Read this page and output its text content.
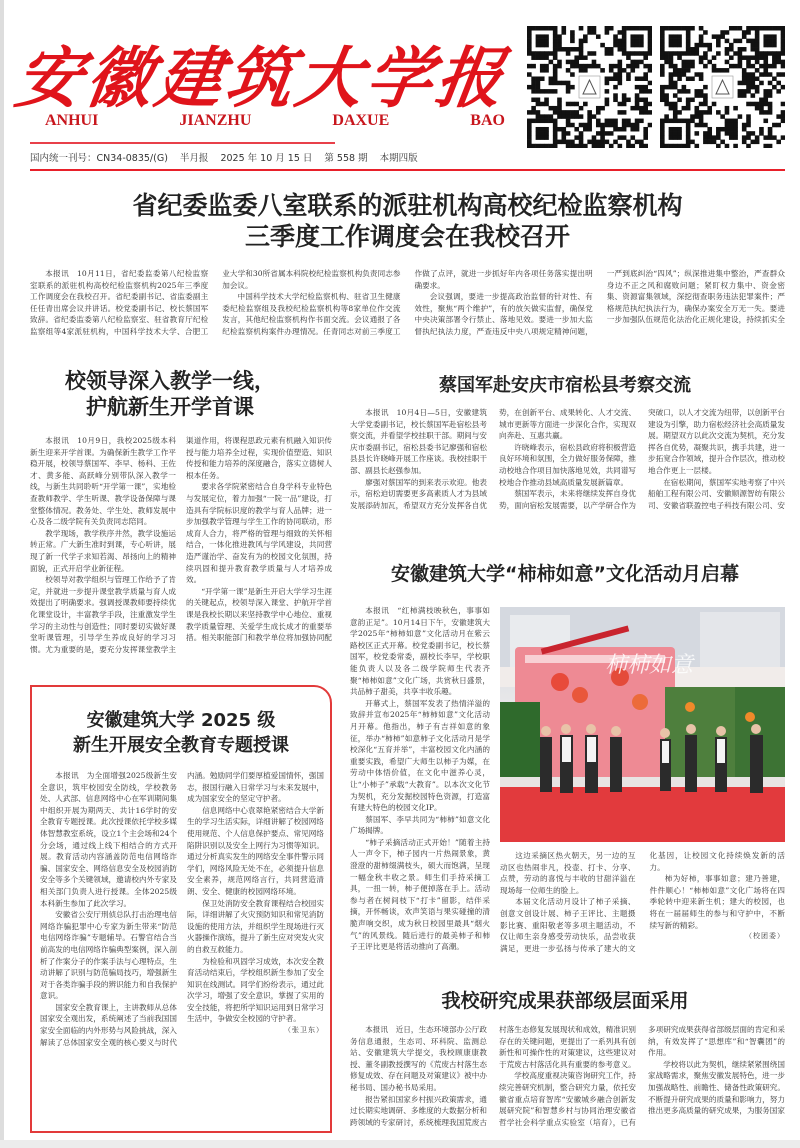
安徽建筑大学报
ANHUI	JIANZHU	DAXUE	BAO
国内统一刊号：CN34-0835/(G) 半月报 2025 年 10 月 15 日 第 558 期 本期四版
省纪委监委八室联系的派驻机构高校纪检监察机构
三季度工作调度会在我校召开

本报讯　10月11日，省纪委监委第八纪检监察室联系的派驻机构高校纪检监察机构2025年三季度工作调度会在我校召开。省纪委副书记、省监委副主任任青出席会议并讲话。校党委副书记、校长蔡国军致辞。省纪委监委第八纪检监察室、驻省教育厅纪检监察组等4家派驻机构，中国科学技术大学、合肥工业大学和30所省属本科院校纪检监察机构负责同志参加会议。

中国科学技术大学纪检监察机构、驻省卫生健康委纪检监察组及我校纪检监察机构等8家单位作交流发言，其他纪检监察机构作书面交流。会议通报了各纪检监察机构案件办理情况。任青同志对前三季度工作做了点评，就进一步抓好年内各项任务落实提出明确要求。

会议强调，要进一步提高政治监督的针对性、有效性，聚焦“两个维护”，有的放矢做实监督，确保党中央决策部署令行禁止、落地见效。要进一步加大监督执纪执法力度，严查违反中央八项规定精神问题，一严到底纠治“四风”；纵深推进集中整治，严查群众身边不正之风和腐败问题；紧盯权力集中、资金密集、资源富集领域，深挖彻查职务违法犯罪案件；严格规范执纪执法行为，确保办案安全万无一失。要进一步加强队伍规范化法治化正规化建设，持续抓实全

校领导深入教学一线，
护航新生开学首课

本报讯　10月9日，我校2025级本科新生迎来开学首课。为确保新生教学工作平稳开展，校领导蔡国军、李早、杨科、王佐才、黄多能、高跃峰分别带队深入教学一线，与新生共同聆听“开学第一课”，实地检查教师教学、学生听课、教学设备保障与课堂整体情况。教务处、学生处、教师发展中心及各二级学院有关负责同志陪同。

教学现场，教学秩序井然，教学设施运转正常。广大新生准时到课，专心听讲，展现了新一代学子求知若渴、昂扬向上的精神面貌，正式开启学业新征程。

校领导对教学组织与管理工作给予了肯定，并就进一步提升课堂教学质量与育人成效提出了明确要求。强调授课教师要持续优化课堂设计，丰富教学手段，注重激发学生学习的主动性与创造性；同时要切实做好课堂听课管理，引导学生养成良好的学习习惯。尤为重要的是，要充分发挥课堂教学主渠道作用，将课程思政元素有机融入知识传授与能力培养全过程，实现价值塑造、知识传授和能力培养的深度融合，落实立德树人根本任务。

要求各学院紧密结合自身学科专业特色与发展定位，着力加强“一院一品”建设，打造具有学院标识度的教学与育人品牌；进一步加强教学管理与学生工作的协同联动，形成育人合力，将严格的管理与细致的关怀相结合，一体化推进教风与学风建设，共同营造严谨治学、奋发有为的校园文化氛围，持续巩固和提升教育教学质量与人才培养成效。

“开学第一课”是新生开启大学学习生涯的关键起点，校领导深入课堂、护航开学首课是我校长期以来坚持教学中心地位、重视教学质量管理、关爱学生成长成才的重要举措。相关职能部门和教学单位将加强协同配

安徽建筑大学 2025 级
新生开展安全教育专题授课

本报讯　为全面增强2025级新生安全意识，筑牢校园安全防线，学校教务处、人武部、信息网络中心在军训期间集中组织开展为期两天、共计16学时的安全教育专题授课。此次授课依托学校多媒体智慧教室系统，设立1个主会场和24个分会场，通过线上线下相结合的方式开展。教育活动内容涵盖防范电信网络诈骗、国家安全、网络信息安全及校园消防安全等多个关键领域，邀请校内外专家及相关部门负责人进行授课。全体2025级本科新生参加了此次学习。

安徽省公安厅刑侦总队打击治理电信网络诈骗犯罪中心专家为新生带来“防范电信网络诈骗”专题辅导。石警官结合当前高发的电信网络诈骗典型案例，深入剖析了作案分子的作案手法与心理特点，生动讲解了识别与防范骗局技巧，增强新生对于各类诈骗手段的辨识能力和自我保护意识。

国家安全教育课上，主讲教师从总体国家安全观出发，系统阐述了当前我国国家安全面临的内外形势与风险挑战，深入解读了总体国家安全观的核心要义与时代内涵。勉励同学们要厚植爱国情怀，强国志，报国行融入日常学习与未来发展中，成为国家安全的坚定守护者。

信息网络中心袁翠艳紧密结合大学新生的学习生活实际，详细讲解了校园网络使用规范、个人信息保护要点、常见网络陷阱识别以及安全上网行为习惯等知识。通过分析真实发生的网络安全事件警示同学们，网络风险无处不在，必须提升信息安全素养，规范网络言行，共同营造清朗、安全、健康的校园网络环境。

保卫处消防安全教育课程结合校园实际，详细讲解了火灾预防知识和常见消防设施的使用方法，并组织学生现场进行灭火器操作演练，提升了新生应对突发火灾的自救互救能力。

为检验和巩固学习成效，本次安全教育活动结束后，学校组织新生参加了安全知识在线测试。同学们纷纷表示，通过此次学习，增强了安全意识，掌握了实用的安全技能，将把所学知识运用到日常学习生活中，争做安全校园的守护者。

（张卫东）
蔡国军赴安庆市宿松县考察交流

本报讯　10月4日—5日，安徽建筑大学党委副书记，校长蔡国军赴宿松县考察交流，并看望学校挂职干部。期间与安庆市委副书记，宿松县委书记廖强和宿松县县长许晓峰开展工作座谈。我校挂职干部、副县长赵强参加。

廖强对蔡国军的到来表示欢迎。他表示，宿松迫切需要更多高素质人才为县域发展添砖加瓦，希望双方充分发挥各自优势，在创新平台、成果转化、人才交流、城市更新等方面进一步深化合作，实现双向奔赴、互惠共赢。

许晓峰表示，宿松县政府将积极营造良好环境和氛围，全力做好服务保障，推动校地合作项目加快落地见效，共同谱写校地合作推动县域高质量发展新篇章。

蔡国军表示，未来将继续发挥自身优势，面向宿松发展需要，以产学研合作为突破口，以人才交流为纽带，以创新平台建设为引擎，助力宿松经济社会高质量发展。期望双方以此次交流为契机，充分发挥各自优势，凝聚共识，携手共建，进一步拓宽合作领域，提升合作层次，推动校地合作更上一层楼。

在宿松期间，蔡国军实地考察了中兴船舶工程有限公司、安徽顺源智纺有限公司、安徽省联盈控电子科技有限公司、安

安徽建筑大学“柿柿如意”文化活动月启幕

本报讯　“红柿满枝映秋色，事事如意韵正足”。10月14日下午，安徽建筑大学2025年“柿柿如意”文化活动月在紫云路校区正式开幕。校党委副书记，校长蔡国军，校党委常委，副校长李早，学校职能负责人以及各二级学院师生代表齐聚“柿柿如意”文化广场，共赏秋日盛景，共品柿子甜美，共享丰收乐趣。

开幕式上，蔡国军发表了热情洋溢的致辞并宣布2025年“柿柿如意”文化活动月开幕。他指出，柿子有吉祥如意的象征，举办“柿柿”如意柿子文化活动月是学校深化“五育并举”，丰富校园文化内涵的重要实践，希望广大师生以柿子为媒，在劳动中体悟价值，在文化中滋养心灵，让“小柿子”承载“大教育”。以本次文化节为契机，充分发掘校园特色资源，打造富有建大特色的校园文化IP。

蔡国军、李早共同为“柿柿”如意文化广场揭牌。

“柿子采摘活动正式开始！”随着主持人一声令下，柿子园内一片热闹景象，黄澄澄的甜柿缀满枝头，硕大而饱满，呈现一幅金秋丰收之景。师生们手持采摘工具，一扭一转，柿子便掉落在手上。活动参与者在树间枝下“打卡”留影，结伴采摘，开怀畅谈，欢声笑语与果实碰撞的清脆声响交织，成为秋日校园里最具“烟火气”的风景线。随后进行的最美柿子和柿子王评比更是将活动推向了高潮。

柿柿如意

这边采摘区热火朝天，另一边的互动区也热闹非凡，投壶、打卡、分享、点赞，劳动的喜悦与丰收的甘甜洋溢在现场每一位师生的脸上。

本届文化活动月设计了柿子采摘、创意文创设计展、柿子王评比、主题摄影比赛、重阳敬老等多项主题活动，不仅让师生亲身感受劳动快乐，品尝收获满足，更进一步弘扬与传承了建大的文化基因，让校园文化持续焕发新的活力。

柿为好柿，事事如意；建乃善建，件件顺心！“柿柿如意”文化广场将在四季轮转中迎来新生机；建大的校园，也将在一届届师生的参与和守护中，不断续写新的精彩。

（校团委）
我校研究成果获部级层面采用

本报讯　近日，生态环境部办公厅政务信息通报，生态司、环科院、监测总站、安徽建筑大学提交，我校顾康康教授、董冬副教授撰写的《荒废古村落生态修复成效、存在问题及对策建议》被中办秘书局、国办秘书局采用。

报告紧扣国家乡村振兴政策需求，通过长期实地调研、多维度的大数据分析和跨领域的专家研讨，系统梳理我国荒废古村落生态修复发展现状和成效，精准识别存在的关键问题，更提出了一系列具有创新性和可操作性的对策建议，这些建议对于荒废古村落活化具有重要的参考意义。

学校高度重视决策咨询研究工作，持续完善研究机制，整合研究力量，依托安徽省重点培育智库“安徽城乡融合创新发展研究院”和智慧乡村与协同治理安徽省哲学社会科学重点实验室（培育），已有多项研究成果获得省部级层面的肯定和采纳，有效发挥了“思想库”和“智囊团”的作用。

学校将以此为契机，继续紧紧围绕国家战略需求，聚焦安徽发展特色，进一步加强战略性、前瞻性、储备性政策研究。不断提升研究成果的质量和影响力，努力推出更多高质量的研究成果，为服务国家
